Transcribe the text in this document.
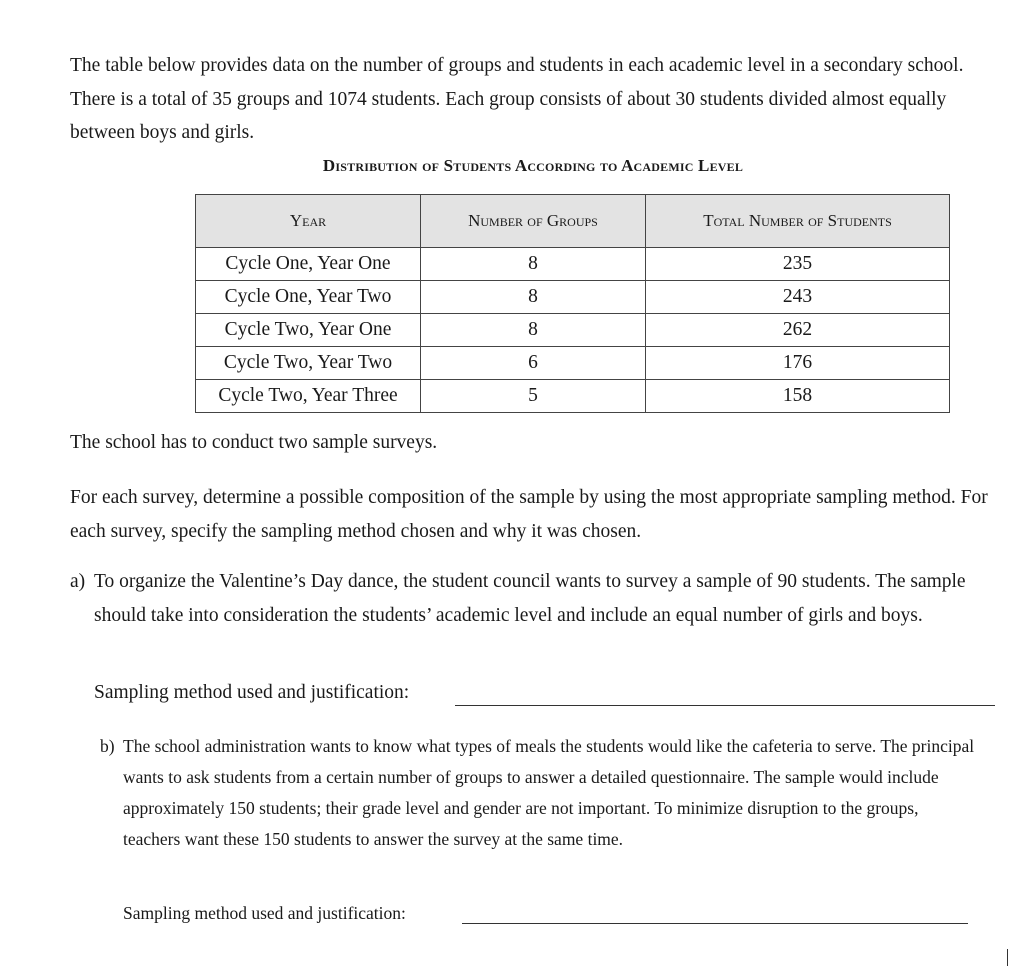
The table below provides data on the number of groups and students in each academic level in a secondary school. There is a total of 35 groups and 1074 students. Each group consists of about 30 students divided almost equally between boys and girls.
Distribution of Students According to Academic Level
Year	Number of Groups	Total Number of Students
Cycle One, Year One	8	235
Cycle One, Year Two	8	243
Cycle Two, Year One	8	262
Cycle Two, Year Two	6	176
Cycle Two, Year Three	5	158
The school has to conduct two sample surveys.
For each survey, determine a possible composition of the sample by using the most appropriate sampling method. For each survey, specify the sampling method chosen and why it was chosen.
a) To organize the Valentine’s Day dance, the student council wants to survey a sample of 90 students. The sample should take into consideration the students’ academic level and include an equal number of girls and boys.
Sampling method used and justification:
b) The school administration wants to know what types of meals the students would like the cafeteria to serve. The principal wants to ask students from a certain number of groups to answer a detailed questionnaire. The sample would include approximately 150 students; their grade level and gender are not important. To minimize disruption to the groups, teachers want these 150 students to answer the survey at the same time.
Sampling method used and justification:
